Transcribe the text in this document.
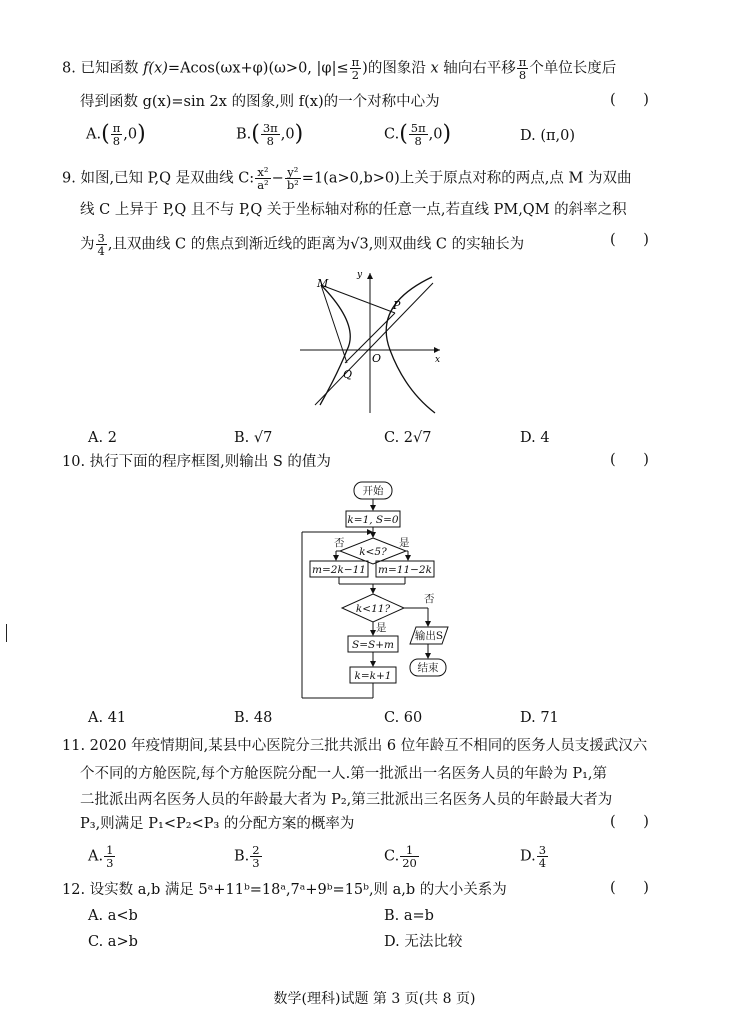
8. 已知函数 f(x)=Acos(ωx+φ)(ω>0, $|\varphi|\le \frac{\pi}{2}$ )的图象沿 x 轴向右平移 $\frac{\pi}{8}$ 个单位长度后
得到函数 g(x)=sin 2x 的图象,则 f(x)的一个对称中心为	(      )
$A.( \frac{\pi}{8} ,0)$	$B.( \frac{3\pi}{8} ,0)$	$C.( \frac{5\pi}{8} ,0)$	D. (π,0)
9. 如图,已知 P,Q 是双曲线 C: $\frac{\text{x²}}{\text{a²}} - \frac{\text{y²}}{\text{b²}} =1(a>0,b>0)$上关于原点对称的两点,点 M 为双曲
线 C 上异于 P,Q 且不与 P,Q 关于坐标轴对称的任意一点,若直线 PM,QM 的斜率之积
为 $\frac{3}{4}$ ,且双曲线 C 的焦点到渐近线的距离为√3,则双曲线 C 的实轴长为	(      )
M
P
O
Q
x
y
A. 2	B. √7	C. 2√7	D. 4
10. 执行下面的程序框图,则输出 S 的值为	(      )
开始
k=1, S=0
k<5?
否	是
m=2k−11 m=11−2k
k<11?
否
是
S=S+m
输出S
结束
k=k+1
A. 41	B. 48	C. 60	D. 71
11. 2020 年疫情期间,某县中心医院分三批共派出 6 位年龄互不相同的医务人员支援武汉六
个不同的方舱医院,每个方舱医院分配一人.第一批派出一名医务人员的年龄为 P₁,第
二批派出两名医务人员的年龄最大者为 P₂,第三批派出三名医务人员的年龄最大者为
P₃,则满足 P₁<P₂<P₃ 的分配方案的概率为	(      )
A. $\frac{1}{3}$	B. $\frac{2}{3}$	C. $\frac{1}{20}$	D. $\frac{3}{4}$
12. 设实数 a,b 满足 5ᵃ+11ᵇ=18ᵃ,7ᵃ+9ᵇ=15ᵇ,则 a,b 的大小关系为	(      )
A. a<b	B. a=b
C. a>b	D. 无法比较
数学(理科)试题 第 3 页(共 8 页)
